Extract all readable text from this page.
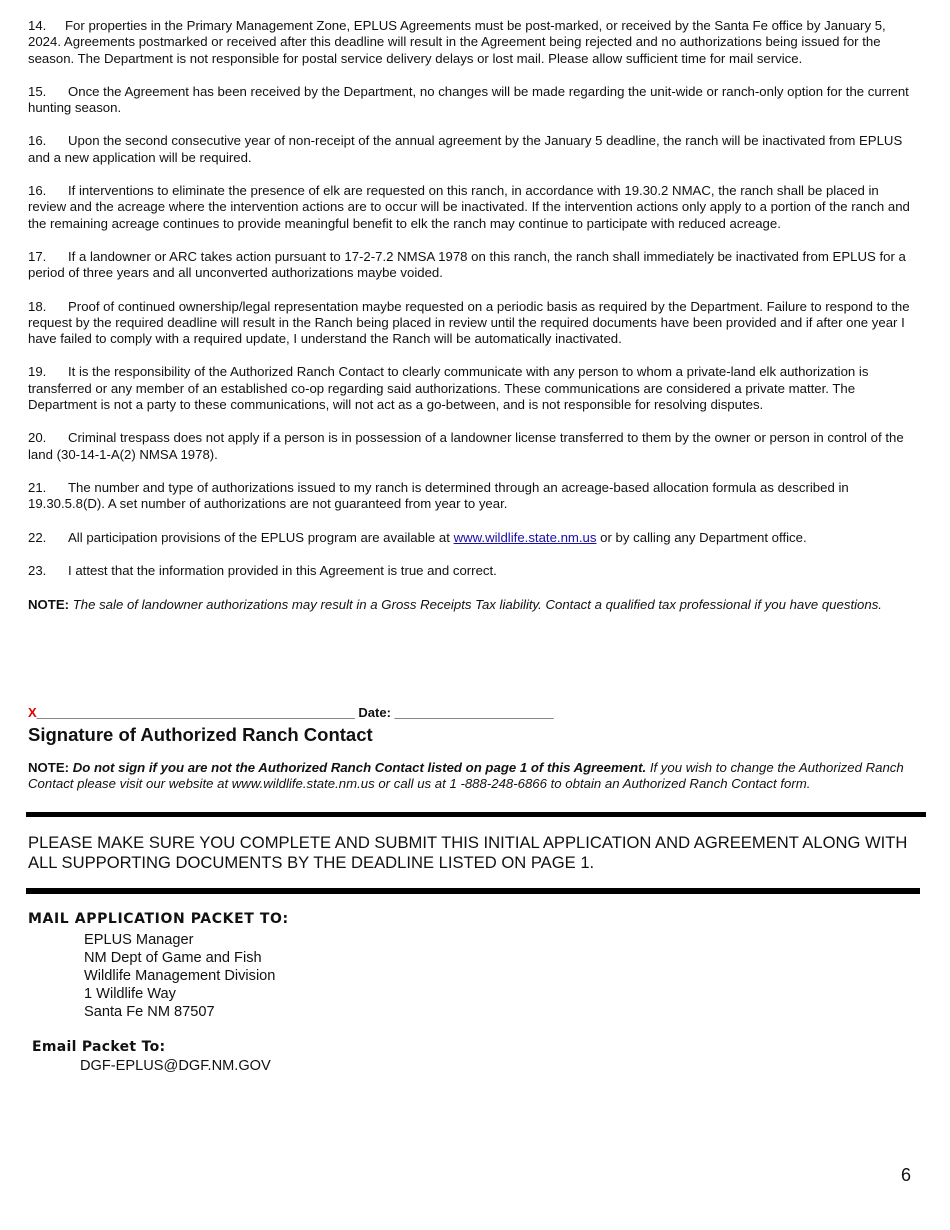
14. For properties in the Primary Management Zone, EPLUS Agreements must be post-marked, or received by the Santa Fe office by January 5, 2024. Agreements postmarked or received after this deadline will result in the Agreement being rejected and no authorizations being issued for the season. The Department is not responsible for postal service delivery delays or lost mail. Please allow sufficient time for mail service.

15. Once the Agreement has been received by the Department, no changes will be made regarding the unit-wide or ranch-only option for the current hunting season.

16. Upon the second consecutive year of non-receipt of the annual agreement by the January 5 deadline, the ranch will be inactivated from EPLUS and a new application will be required.

16. If interventions to eliminate the presence of elk are requested on this ranch, in accordance with 19.30.2 NMAC, the ranch shall be placed in review and the acreage where the intervention actions are to occur will be inactivated. If the intervention actions only apply to a portion of the ranch and the remaining acreage continues to provide meaningful benefit to elk the ranch may continue to participate with reduced acreage.

17. If a landowner or ARC takes action pursuant to 17-2-7.2 NMSA 1978 on this ranch, the ranch shall immediately be inactivated from EPLUS for a period of three years and all unconverted authorizations maybe voided.

18. Proof of continued ownership/legal representation maybe requested on a periodic basis as required by the Department. Failure to respond to the request by the required deadline will result in the Ranch being placed in review until the required documents have been provided and if after one year I have failed to comply with a required update, I understand the Ranch will be automatically inactivated.

19. It is the responsibility of the Authorized Ranch Contact to clearly communicate with any person to whom a private-land elk authorization is transferred or any member of an established co-op regarding said authorizations. These communications are considered a private matter. The Department is not a party to these communications, will not act as a go-between, and is not responsible for resolving disputes.

20. Criminal trespass does not apply if a person is in possession of a landowner license transferred to them by the owner or person in control of the land (30-14-1-A(2) NMSA 1978).

21. The number and type of authorizations issued to my ranch is determined through an acreage-based allocation formula as described in 19.30.5.8(D). A set number of authorizations are not guaranteed from year to year.

22. All participation provisions of the EPLUS program are available at www.wildlife.state.nm.us or by calling any Department office.

23. I attest that the information provided in this Agreement is true and correct.

NOTE: The sale of landowner authorizations may result in a Gross Receipts Tax liability. Contact a qualified tax professional if you have questions.

X____________________________________________ Date: ______________________
Signature of Authorized Ranch Contact
NOTE: Do not sign if you are not the Authorized Ranch Contact listed on page 1 of this Agreement. If you wish to change the Authorized Ranch Contact please visit our website at www.wildlife.state.nm.us or call us at 1 -888-248-6866 to obtain an Authorized Ranch Contact form.
PLEASE MAKE SURE YOU COMPLETE AND SUBMIT THIS INITIAL APPLICATION AND AGREEMENT ALONG WITH ALL SUPPORTING DOCUMENTS BY THE DEADLINE LISTED ON PAGE 1.
MAIL APPLICATION PACKET TO:
EPLUS Manager
NM Dept of Game and Fish
Wildlife Management Division
1 Wildlife Way
Santa Fe NM 87507
Email Packet To:
DGF-EPLUS@DGF.NM.GOV
6
